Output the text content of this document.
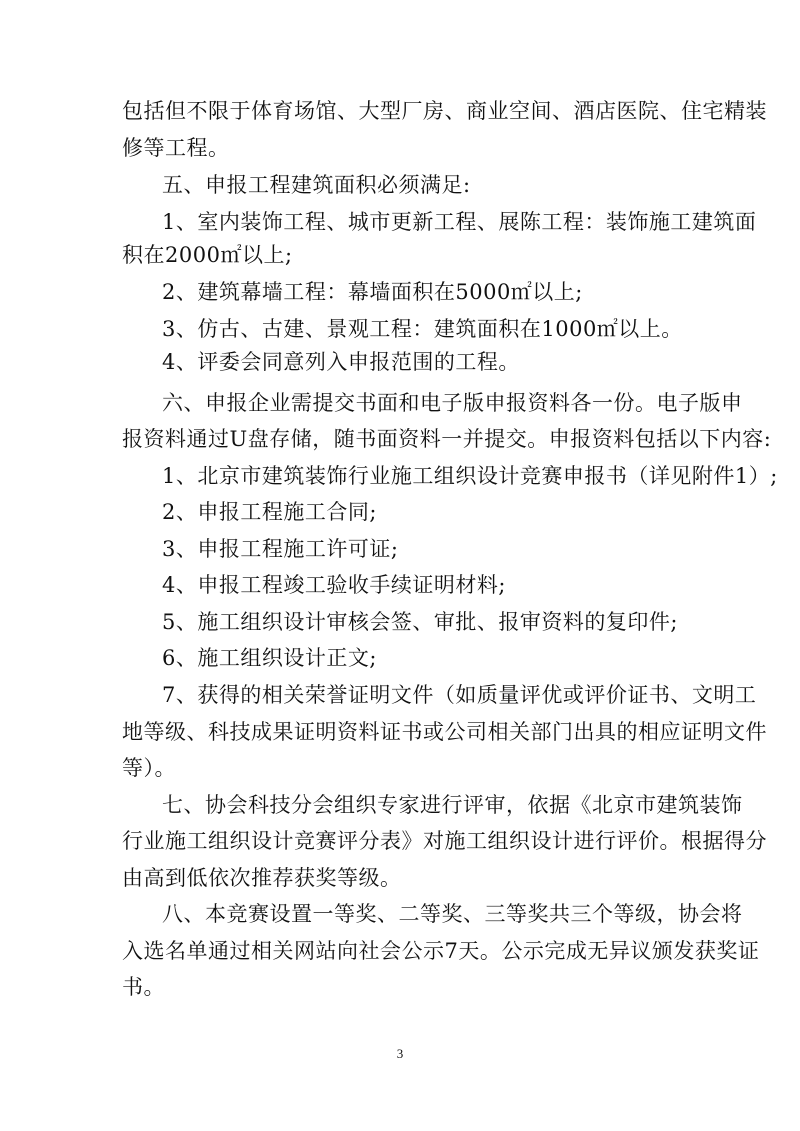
包括但不限于体育场馆、大型厂房、商业空间、酒店医院、住宅精装
修等工程。
五、申报工程建筑面积必须满足:
1、室内装饰工程、城市更新工程、展陈工程：装饰施工建筑面
积在2000㎡以上;
2、建筑幕墙工程：幕墙面积在5000㎡以上;
3、仿古、古建、景观工程：建筑面积在1000㎡以上。
4、评委会同意列入申报范围的工程。
六、申报企业需提交书面和电子版申报资料各一份。电子版申
报资料通过U盘存储，随书面资料一并提交。申报资料包括以下内容:
1、北京市建筑装饰行业施工组织设计竞赛申报书（详见附件1）;
2、申报工程施工合同;
3、申报工程施工许可证;
4、申报工程竣工验收手续证明材料;
5、施工组织设计审核会签、审批、报审资料的复印件;
6、施工组织设计正文;
7、获得的相关荣誉证明文件（如质量评优或评价证书、文明工
地等级、科技成果证明资料证书或公司相关部门出具的相应证明文件
等）。
七、协会科技分会组织专家进行评审，依据《北京市建筑装饰
行业施工组织设计竞赛评分表》对施工组织设计进行评价。根据得分
由高到低依次推荐获奖等级。
八、本竞赛设置一等奖、二等奖、三等奖共三个等级，协会将
入选名单通过相关网站向社会公示7天。公示完成无异议颁发获奖证
书。
3
